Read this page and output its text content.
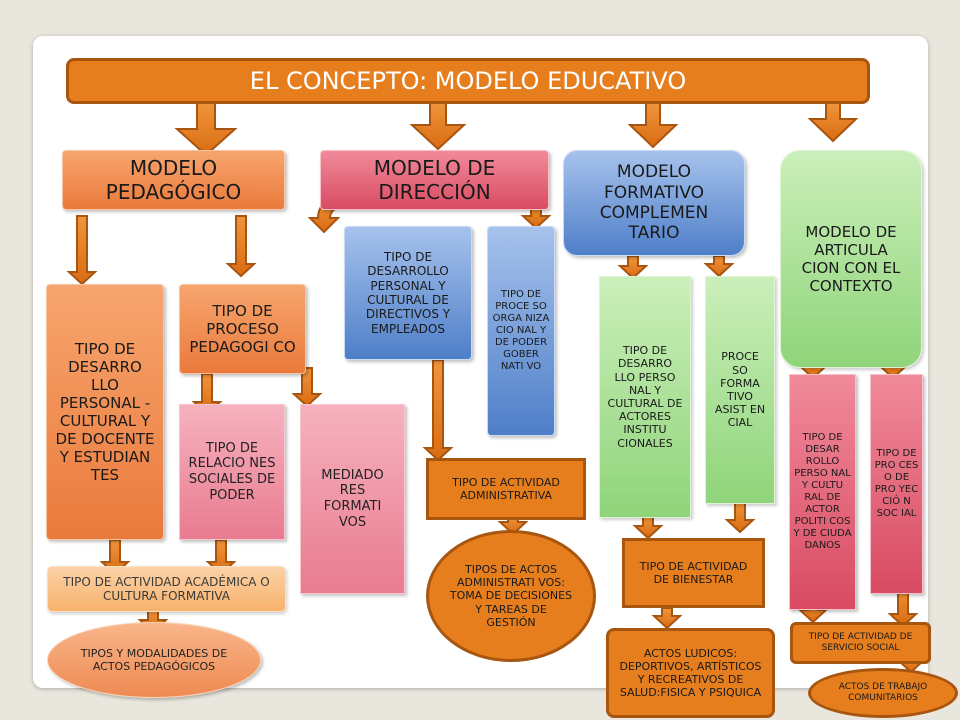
EL CONCEPTO: MODELO EDUCATIVO
MODELO PEDAGÓGICO
MODELO DE DIRECCIÓN
MODELO FORMATIVO COMPLEMEN TARIO	MODELO DE ARTICULA CION CON EL CONTEXTO
TIPO DE DESARRO LLO PERSONAL - CULTURAL Y DE DOCENTE Y ESTUDIAN TES
TIPO DE PROCESO PEDAGOGI CO
TIPO DE RELACIO NES SOCIALES DE PODER
MEDIADO RES FORMATI VOS
TIPO DE ACTIVIDAD ACADÉMICA O CULTURA FORMATIVA
TIPOS Y MODALIDADES DE ACTOS PEDAGÓGICOS
TIPO DE DESARROLLO PERSONAL Y CULTURAL DE DIRECTIVOS Y EMPLEADOS
TIPO DE PROCE SO ORGA NIZA CIO NAL Y DE PODER GOBER NATI VO
TIPO DE ACTIVIDAD ADMINISTRATIVA
TIPOS DE ACTOS ADMINISTRATI VOS: TOMA DE DECISIONES Y TAREAS DE GESTIÓN
TIPO DE DESARRO LLO PERSO NAL Y CULTURAL DE ACTORES INSTITU CIONALES
PROCE SO FORMA TIVO ASIST EN CIAL
TIPO DE ACTIVIDAD DE BIENESTAR
ACTOS LUDICOS: DEPORTIVOS, ARTÍSTICOS Y RECREATIVOS DE SALUD:FISICA Y PSIQUICA
TIPO DE DESAR ROLLO PERSO NAL Y CULTU RAL DE ACTOR POLITI COS Y DE CIUDA DANOS
TIPO DE PRO CES O DE PRO YEC CIÓ N SOC IAL
TIPO DE ACTIVIDAD DE SERVICIO SOCIAL
ACTOS DE TRABAJO COMUNITARIOS
